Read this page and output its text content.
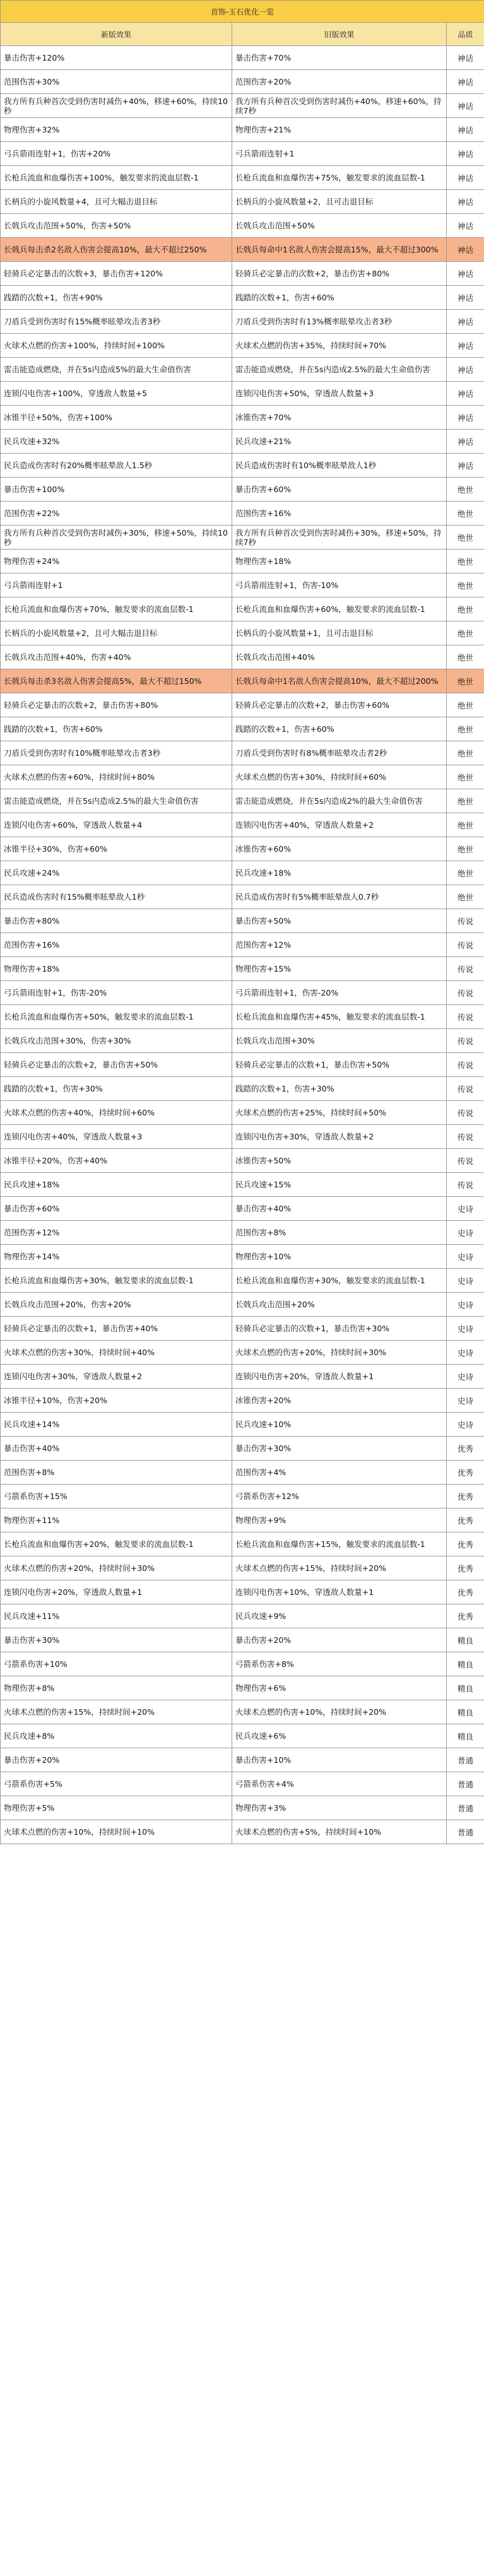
首饰-玉石优化一览		
新版效果	旧版效果	品质
暴击伤害+120%	暴击伤害+70%	神话
范围伤害+30%	范围伤害+20%	神话
我方所有兵种首次受到伤害时减伤+40%，移速+60%，持续10秒	我方所有兵种首次受到伤害时减伤+40%，移速+60%，持续7秒	神话
物理伤害+32%	物理伤害+21%	神话
弓兵箭雨连射+1，伤害+20%	弓兵箭雨连射+1	神话
长枪兵流血和血爆伤害+100%，触发要求的流血层数-1	长枪兵流血和血爆伤害+75%，触发要求的流血层数-1	神话
长柄兵的小旋风数量+4，且可大幅击退目标	长柄兵的小旋风数量+2，且可击退目标	神话
长戟兵攻击范围+50%，伤害+50%	长戟兵攻击范围+50%	神话
长戟兵每击杀2名敌人伤害会提高10%，最大不超过250%	长戟兵每命中1名敌人伤害会提高15%，最大不超过300%	神话
轻骑兵必定暴击的次数+3，暴击伤害+120%	轻骑兵必定暴击的次数+2，暴击伤害+80%	神话
践踏的次数+1，伤害+90%	践踏的次数+1，伤害+60%	神话
刀盾兵受到伤害时有15%概率眩晕攻击者3秒	刀盾兵受到伤害时有13%概率眩晕攻击者3秒	神话
火球术点燃的伤害+100%，持续时间+100%	火球术点燃的伤害+35%，持续时间+70%	神话
雷击能造成燃烧，并在5s内造成5%的最大生命值伤害	雷击能造成燃烧，并在5s内造成2.5%的最大生命值伤害	神话
连锁闪电伤害+100%，穿透敌人数量+5	连锁闪电伤害+50%，穿透敌人数量+3	神话
冰锥半径+50%，伤害+100%	冰锥伤害+70%	神话
民兵攻速+32%	民兵攻速+21%	神话
民兵造成伤害时有20%概率眩晕敌人1.5秒	民兵造成伤害时有10%概率眩晕敌人1秒	神话
暴击伤害+100%	暴击伤害+60%	绝世
范围伤害+22%	范围伤害+16%	绝世
我方所有兵种首次受到伤害时减伤+30%，移速+50%，持续10秒	我方所有兵种首次受到伤害时减伤+30%，移速+50%，持续7秒	绝世
物理伤害+24%	物理伤害+18%	绝世
弓兵箭雨连射+1	弓兵箭雨连射+1，伤害-10%	绝世
长枪兵流血和血爆伤害+70%，触发要求的流血层数-1	长枪兵流血和血爆伤害+60%，触发要求的流血层数-1	绝世
长柄兵的小旋风数量+2，且可大幅击退目标	长柄兵的小旋风数量+1，且可击退目标	绝世
长戟兵攻击范围+40%，伤害+40%	长戟兵攻击范围+40%	绝世
长戟兵每击杀3名敌人伤害会提高5%，最大不超过150%	长戟兵每命中1名敌人伤害会提高10%，最大不超过200%	绝世
轻骑兵必定暴击的次数+2，暴击伤害+80%	轻骑兵必定暴击的次数+2，暴击伤害+60%	绝世
践踏的次数+1，伤害+60%	践踏的次数+1，伤害+60%	绝世
刀盾兵受到伤害时有10%概率眩晕攻击者3秒	刀盾兵受到伤害时有8%概率眩晕攻击者2秒	绝世
火球术点燃的伤害+60%，持续时间+80%	火球术点燃的伤害+30%，持续时间+60%	绝世
雷击能造成燃烧，并在5s内造成2.5%的最大生命值伤害	雷击能造成燃烧，并在5s内造成2%的最大生命值伤害	绝世
连锁闪电伤害+60%，穿透敌人数量+4	连锁闪电伤害+40%，穿透敌人数量+2	绝世
冰锥半径+30%，伤害+60%	冰锥伤害+60%	绝世
民兵攻速+24%	民兵攻速+18%	绝世
民兵造成伤害时有15%概率眩晕敌人1秒	民兵造成伤害时有5%概率眩晕敌人0.7秒	绝世
暴击伤害+80%	暴击伤害+50%	传说
范围伤害+16%	范围伤害+12%	传说
物理伤害+18%	物理伤害+15%	传说
弓兵箭雨连射+1，伤害-20%	弓兵箭雨连射+1，伤害-20%	传说
长枪兵流血和血爆伤害+50%，触发要求的流血层数-1	长枪兵流血和血爆伤害+45%，触发要求的流血层数-1	传说
长戟兵攻击范围+30%，伤害+30%	长戟兵攻击范围+30%	传说
轻骑兵必定暴击的次数+2，暴击伤害+50%	轻骑兵必定暴击的次数+1，暴击伤害+50%	传说
践踏的次数+1，伤害+30%	践踏的次数+1，伤害+30%	传说
火球术点燃的伤害+40%，持续时间+60%	火球术点燃的伤害+25%，持续时间+50%	传说
连锁闪电伤害+40%，穿透敌人数量+3	连锁闪电伤害+30%，穿透敌人数量+2	传说
冰锥半径+20%，伤害+40%	冰锥伤害+50%	传说
民兵攻速+18%	民兵攻速+15%	传说
暴击伤害+60%	暴击伤害+40%	史诗
范围伤害+12%	范围伤害+8%	史诗
物理伤害+14%	物理伤害+10%	史诗
长枪兵流血和血爆伤害+30%，触发要求的流血层数-1	长枪兵流血和血爆伤害+30%，触发要求的流血层数-1	史诗
长戟兵攻击范围+20%，伤害+20%	长戟兵攻击范围+20%	史诗
轻骑兵必定暴击的次数+1，暴击伤害+40%	轻骑兵必定暴击的次数+1，暴击伤害+30%	史诗
火球术点燃的伤害+30%，持续时间+40%	火球术点燃的伤害+20%，持续时间+30%	史诗
连锁闪电伤害+30%，穿透敌人数量+2	连锁闪电伤害+20%，穿透敌人数量+1	史诗
冰锥半径+10%，伤害+20%	冰锥伤害+20%	史诗
民兵攻速+14%	民兵攻速+10%	史诗
暴击伤害+40%	暴击伤害+30%	优秀
范围伤害+8%	范围伤害+4%	优秀
弓箭系伤害+15%	弓箭系伤害+12%	优秀
物理伤害+11%	物理伤害+9%	优秀
长枪兵流血和血爆伤害+20%，触发要求的流血层数-1	长枪兵流血和血爆伤害+15%，触发要求的流血层数-1	优秀
火球术点燃的伤害+20%，持续时间+30%	火球术点燃的伤害+15%，持续时间+20%	优秀
连锁闪电伤害+20%，穿透敌人数量+1	连锁闪电伤害+10%，穿透敌人数量+1	优秀
民兵攻速+11%	民兵攻速+9%	优秀
暴击伤害+30%	暴击伤害+20%	精良
弓箭系伤害+10%	弓箭系伤害+8%	精良
物理伤害+8%	物理伤害+6%	精良
火球术点燃的伤害+15%，持续时间+20%	火球术点燃的伤害+10%，持续时间+20%	精良
民兵攻速+8%	民兵攻速+6%	精良
暴击伤害+20%	暴击伤害+10%	普通
弓箭系伤害+5%	弓箭系伤害+4%	普通
物理伤害+5%	物理伤害+3%	普通
火球术点燃的伤害+10%，持续时间+10%	火球术点燃的伤害+5%，持续时间+10%	普通
